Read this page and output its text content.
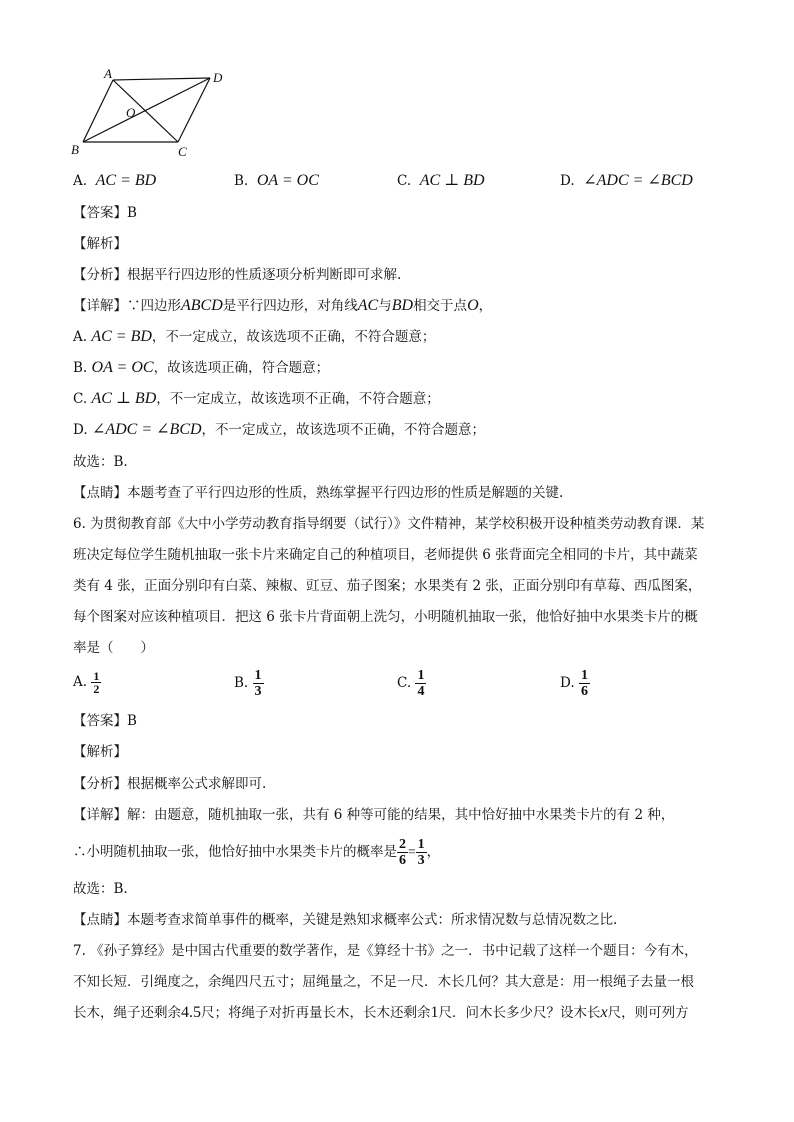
A	D
B	C
O
A. AC = BD	B. OA = OC	C. AC ⊥ BD	D. ∠ADC = ∠BCD
【答案】B
【解析】
【分析】根据平行四边形的性质逐项分析判断即可求解.
【详解】∵四边形ABCD是平行四边形，对角线AC与BD相交于点O，
A. AC = BD，不一定成立，故该选项不正确，不符合题意；
B. OA = OC，故该选项正确，符合题意；
C. AC ⊥ BD，不一定成立，故该选项不正确，不符合题意；
D. ∠ADC = ∠BCD，不一定成立，故该选项不正确，不符合题意；
故选：B.
【点睛】本题考查了平行四边形的性质，熟练掌握平行四边形的性质是解题的关键.
6. 为贯彻教育部《大中小学劳动教育指导纲要（试行）》文件精神，某学校积极开设种植类劳动教育课．某
班决定每位学生随机抽取一张卡片来确定自己的种植项目，老师提供 6 张背面完全相同的卡片，其中蔬菜
类有 4 张，正面分别印有白菜、辣椒、豇豆、茄子图案；水果类有 2 张，正面分别印有草莓、西瓜图案，
每个图案对应该种植项目．把这 6 张卡片背面朝上洗匀，小明随机抽取一张，他恰好抽中水果类卡片的概
率是（　　）
A. $\frac{1}{2}$	B. $\frac{1}{3}$	C. $\frac{1}{4}$	D. $\frac{1}{6}$
【答案】B
【解析】
【分析】根据概率公式求解即可.
【详解】解：由题意，随机抽取一张，共有 6 种等可能的结果，其中恰好抽中水果类卡片的有 2 种，
∴小明随机抽取一张，他恰好抽中水果类卡片的概率是 $\frac{2}{6} = \frac{1}{3}$ ，
故选：B.
【点睛】本题考查求简单事件的概率，关键是熟知求概率公式：所求情况数与总情况数之比.
7. 《孙子算经》是中国古代重要的数学著作，是《算经十书》之一．书中记载了这样一个题目：今有木，
不知长短．引绳度之，余绳四尺五寸；屈绳量之，不足一尺．木长几何？其大意是：用一根绳子去量一根
长木，绳子还剩余4.5尺；将绳子对折再量长木，长木还剩余1尺．问木长多少尺？设木长x尺，则可列方
